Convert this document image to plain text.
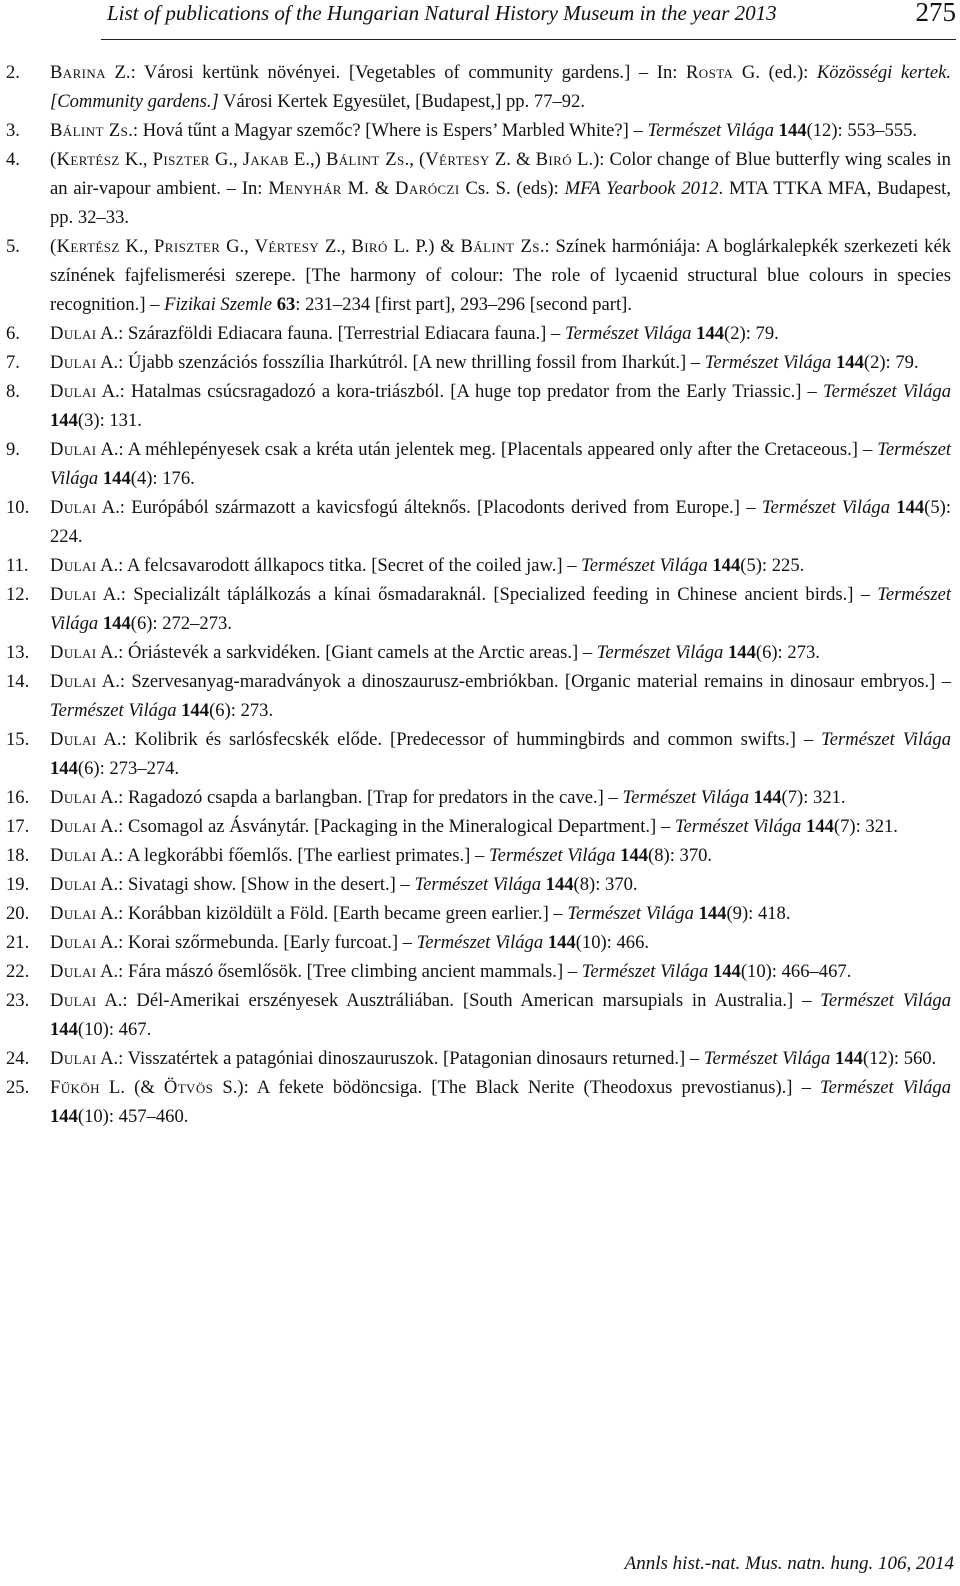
List of publications of the Hungarian Natural History Museum in the year 2013	275
2. Barina Z.: Városi kertünk növényei. [Vegetables of community gardens.] – In: Rosta G. (ed.): Közösségi kertek. [Community gardens.] Városi Kertek Egyesület, [Budapest,] pp. 77–92.
3. Bálint Zs.: Hová tűnt a Magyar szemőc? [Where is Espers’ Marbled White?] – Természet Világa 144(12): 553–555.
4. (Kertész K., Piszter G., Jakab E.,) Bálint Zs., (Vértesy Z. & Biró L.): Color change of Blue butterfly wing scales in an air-vapour ambient. – In: Menyhár M. & Daróczi Cs. S. (eds): MFA Yearbook 2012. MTA TTKA MFA, Budapest, pp. 32–33.
5. (Kertész K., Priszter G., Vértesy Z., Biró L. P.) & Bálint Zs.: Színek harmóniája: A boglárkalepkék szerkezeti kék színének fajfelismerési szerepe. [The harmony of colour: The role of lycaenid structural blue colours in species recognition.] – Fizikai Szemle 63: 231–234 [first part], 293–296 [second part].
6. Dulai A.: Szárazföldi Ediacara fauna. [Terrestrial Ediacara fauna.] – Természet Világa 144(2): 79.
7. Dulai A.: Újabb szenzációs fosszília Iharkútról. [A new thrilling fossil from Iharkút.] – Természet Világa 144(2): 79.
8. Dulai A.: Hatalmas csúcsragadozó a kora-triászból. [A huge top predator from the Early Triassic.] – Természet Világa 144(3): 131.
9. Dulai A.: A méhlepényesek csak a kréta után jelentek meg. [Placentals appeared only after the Cretaceous.] – Természet Világa 144(4): 176.
10. Dulai A.: Európából származott a kavicsfogú álteknős. [Placodonts derived from Europe.] – Természet Világa 144(5): 224.
11. Dulai A.: A felcsavarodott állkapocs titka. [Secret of the coiled jaw.] – Természet Világa 144(5): 225.
12. Dulai A.: Specializált táplálkozás a kínai ősmadaraknál. [Specialized feeding in Chinese ancient birds.] – Természet Világa 144(6): 272–273.
13. Dulai A.: Óriástevék a sarkvidéken. [Giant camels at the Arctic areas.] – Természet Világa 144(6): 273.
14. Dulai A.: Szervesanyag-maradványok a dinoszaurusz-embriókban. [Organic material remains in dinosaur embryos.] – Természet Világa 144(6): 273.
15. Dulai A.: Kolibrik és sarlósfecskék elődе. [Predecessor of hummingbirds and common swifts.] – Természet Világa 144(6): 273–274.
16. Dulai A.: Ragadozó csapda a barlangban. [Trap for predators in the cave.] – Természet Világa 144(7): 321.
17. Dulai A.: Csomagol az Ásványtár. [Packaging in the Mineralogical Department.] – Természet Világa 144(7): 321.
18. Dulai A.: A legkorábbi főemlős. [The earliest primates.] – Természet Világa 144(8): 370.
19. Dulai A.: Sivatagi show. [Show in the desert.] – Természet Világa 144(8): 370.
20. Dulai A.: Korábban kizöldült a Föld. [Earth became green earlier.] – Természet Világa 144(9): 418.
21. Dulai A.: Korai szőrmebunda. [Early furcoat.] – Természet Világa 144(10): 466.
22. Dulai A.: Fára mászó ősemlősök. [Tree climbing ancient mammals.] – Természet Világa 144(10): 466–467.
23. Dulai A.: Dél-Amerikai erszényesek Ausztráliában. [South American marsupials in Australia.] – Természet Világa 144(10): 467.
24. Dulai A.: Visszatértek a patagóniai dinoszauruszok. [Patagonian dinosaurs returned.] – Természet Világa 144(12): 560.
25. Fűköh L. (& Ötvös S.): A fekete bödöncsiga. [The Black Nerite (Theodoxus prevostianus).] – Természet Világa 144(10): 457–460.
Annls hist.-nat. Mus. natn. hung. 106, 2014
